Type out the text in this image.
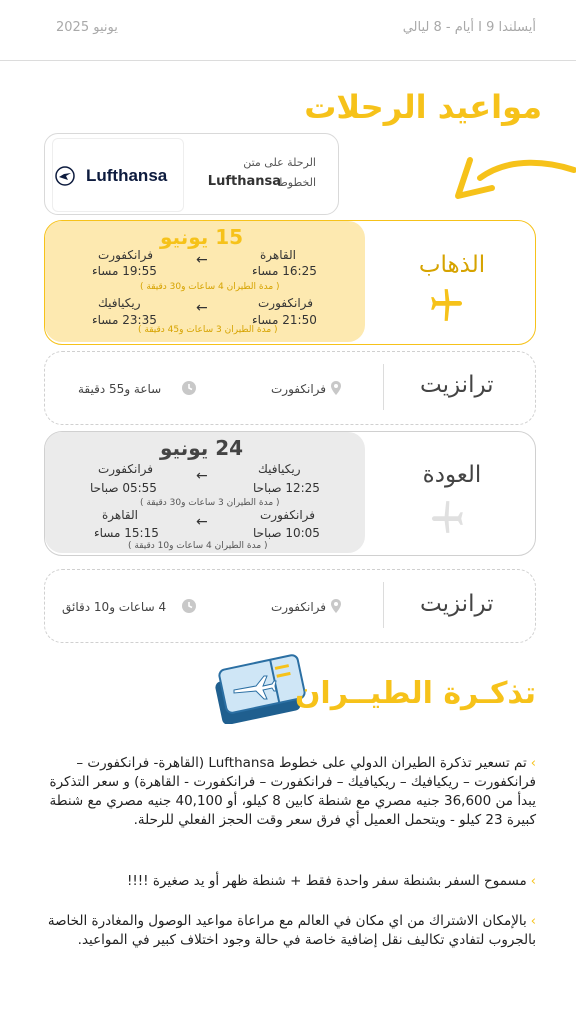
أيسلندا 9 I أيام - 8 ليالي
يونيو 2025
مواعيد الرحلات
Lufthansa
الرحلة على متن
الخطوط
Lufthansa
الذهاب
15 يونيو
القاهرة
16:25 مساء
←
فرانكفورت
19:55 مساء
( مدة الطيران 4 ساعات و30 دقيقة )
فرانكفورت
21:50 مساء
←
ريكيافيك
23:35 مساء
( مدة الطيران 3 ساعات و45 دقيقة )
ترانزيت
فرانكفورت
ساعة و55 دقيقة
العودة
24 يونيو
ريكيافيك
12:25 صباحا
←
فرانكفورت
05:55 صباحا
( مدة الطيران 3 ساعات و30 دقيقة )
فرانكفورت
10:05 صباحا
←
القاهرة
15:15 مساء
( مدة الطيران 4 ساعات و10 دقيقة )
ترانزيت
فرانكفورت
4 ساعات و10 دقائق
تذكـرة الطيــران
›تم تسعير تذكرة الطيران الدولي على خطوط Lufthansa (القاهرة- فرانكفورت – فرانكفورت – ريكيافيك – ريكيافيك – فرانكفورت – فرانكفورت - القاهرة) و سعر التذكرة يبدأ من 36,600 جنيه مصري مع شنطة كابين 8 كيلو، أو 40,100 جنيه مصري مع شنطة كبيرة 23 كيلو - ويتحمل العميل أي فرق سعر وقت الحجز الفعلي للرحلة.
›مسموح السفر بشنطة سفر واحدة فقط + شنطة ظهر أو يد صغيرة !!!!
›بالإمكان الاشتراك من اي مكان في العالم مع مراعاة مواعيد الوصول والمغادرة الخاصة بالجروب لتفادي تكاليف نقل إضافية خاصة في حالة وجود اختلاف كبير في المواعيد.
